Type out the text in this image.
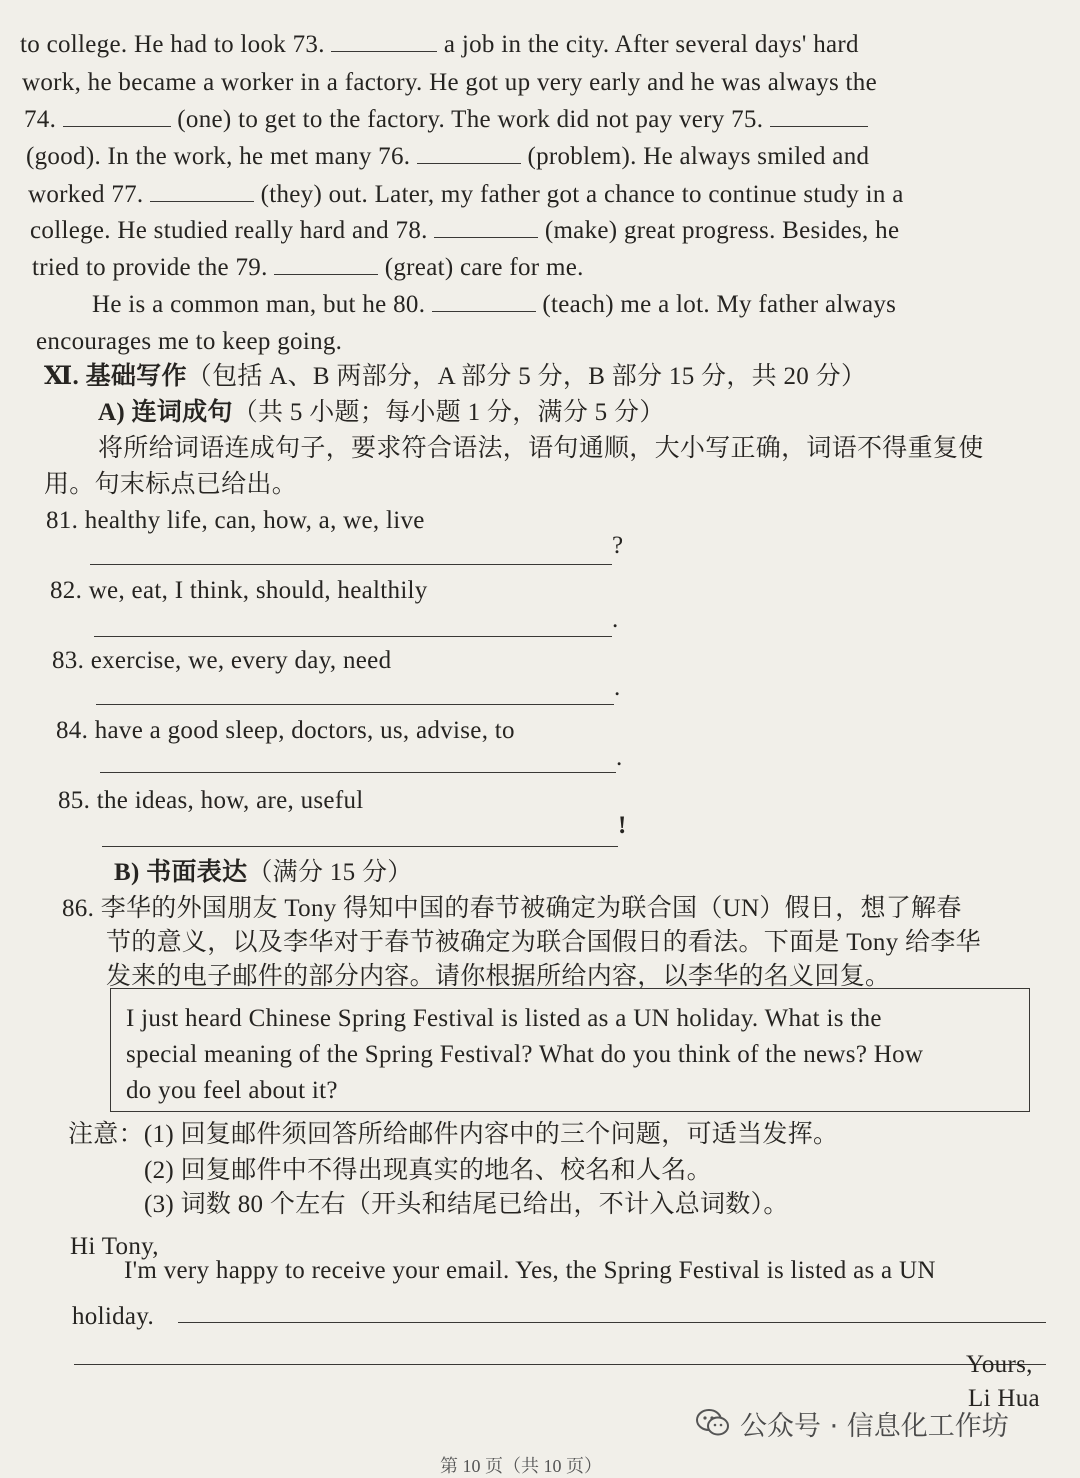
to college. He had to look 73.	a job in the city. After several days' hard
work, he became a worker in a factory. He got up very early and he was always the
74.	(one) to get to the factory. The work did not pay very 75.
(good). In the work, he met many 76.	(problem). He always smiled and
worked 77.	(they) out. Later, my father got a chance to continue study in a
college. He studied really hard and 78.	(make) great progress. Besides, he
tried to provide the 79.	(great) care for me.
He is a common man, but he 80.	(teach) me a lot. My father always
encourages me to keep going.
Ⅺ. 基础写作（包括 A、B 两部分，A 部分 5 分，B 部分 15 分，共 20 分）
A) 连词成句（共 5 小题；每小题 1 分，满分 5 分）
将所给词语连成句子，要求符合语法，语句通顺，大小写正确，词语不得重复使
用。句末标点已给出。
81. healthy life, can, how, a, we, live
?
82. we, eat, I think, should, healthily
.
83. exercise, we, every day, need
.
84. have a good sleep, doctors, us, advise, to
.
85. the ideas, how, are, useful
!
B) 书面表达（满分 15 分）
86. 李华的外国朋友 Tony 得知中国的春节被确定为联合国（UN）假日，想了解春
节的意义，以及李华对于春节被确定为联合国假日的看法。下面是 Tony 给李华
发来的电子邮件的部分内容。请你根据所给内容，以李华的名义回复。
I just heard Chinese Spring Festival is listed as a UN holiday. What is the
special meaning of the Spring Festival? What do you think of the news? How
do you feel about it?
注意：(1) 回复邮件须回答所给邮件内容中的三个问题，可适当发挥。
(2) 回复邮件中不得出现真实的地名、校名和人名。
(3) 词数 80 个左右（开头和结尾已给出，不计入总词数）。
Hi Tony,
I'm very happy to receive your email. Yes, the Spring Festival is listed as a UN
holiday.
Yours,
Li Hua
公众号 · 信息化工作坊
第 10 页（共 10 页）
